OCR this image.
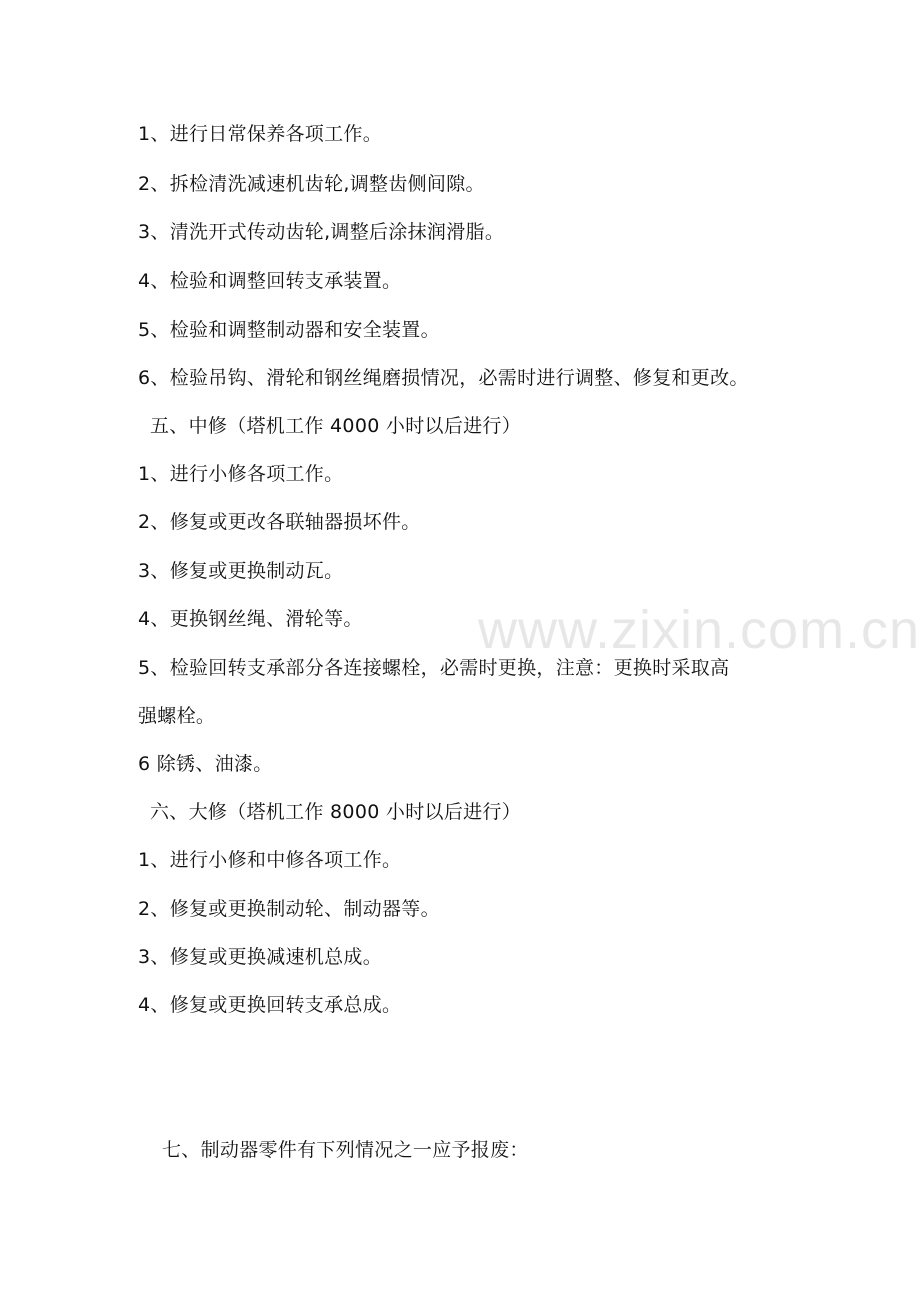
1、进行日常保养各项工作。
2、拆检清洗减速机齿轮,调整齿侧间隙。
3、清洗开式传动齿轮,调整后涂抹润滑脂。
4、检验和调整回转支承装置。
5、检验和调整制动器和安全装置。
6、检验吊钩、滑轮和钢丝绳磨损情况，必需时进行调整、修复和更改。
五、中修（塔机工作 4000 小时以后进行）
1、进行小修各项工作。
2、修复或更改各联轴器损坏件。
3、修复或更换制动瓦。
4、更换钢丝绳、滑轮等。
5、检验回转支承部分各连接螺栓，必需时更换，注意：更换时采取高
强螺栓。
6 除锈、油漆。
六、大修（塔机工作 8000 小时以后进行）
1、进行小修和中修各项工作。
2、修复或更换制动轮、制动器等。
3、修复或更换减速机总成。
4、修复或更换回转支承总成。
七、制动器零件有下列情况之一应予报废：
www.zixin.com.cn
